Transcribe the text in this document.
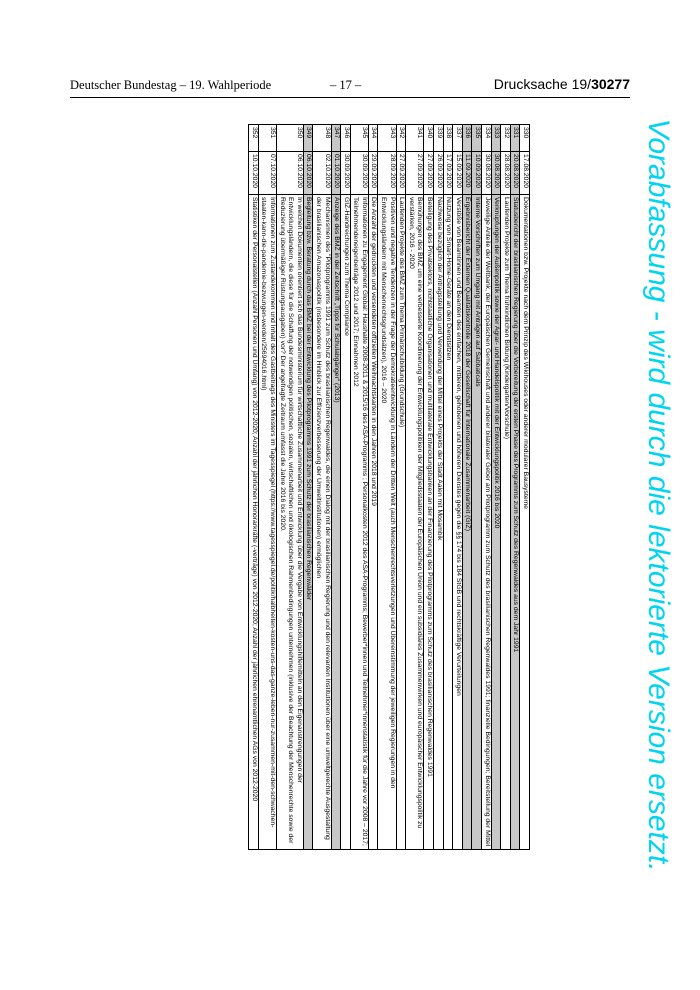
Deutscher Bundestag – 19. Wahlperiode	– 17 –	Drucksache 19/30277
330	17.08.2020	Dokumentationen bzw. Projekte nach dem Prinzip des Wikihouses oder anderer modularer Bausysteme
331	20.08.2020	Statusbericht der brasilianischen Regierung über die Vorbereitung der ersten Phase des Programms zum Schutz des Regenwaldes aus dem Jahr 1991
332	28.08.2020	Laufenden Projekte zum Thema frühkindlichen Bildung (Kindergarten/Vorschule)
333	30.08.2020	Verknüpfungen der Außenpolitik sowie der Agrar- und Handelspolitik mit der Entwicklungspolitik 2016 bis 2020
334	30.08.2020	Jeweilige Anteile der Weltbank, der Europäischen Gemeinschaft und anderer bilateraler Geber am Pilotprogramm zum Schutz des brasilianischen Regenwaldes 1991; finanzielle Bedingungen; Bereitstellung der Mittel
335	10.09.2020	Interne Vorschriften zum Umgang mit Anträgen auf Sabbaticals
336	11.09.2020	Ergebnisbericht der Externen Qualitätskontrolle 2018 der Gesellschaft für Internationale Zusammenarbeit (GIZ)
337	15.09.2020	Verstöße von Beamtinnen und Beamten des einfachen, mittleren, gehobenen und höheren Dienstes gegen die §§ 174 bis 184 StGB und rechtskräftige Verurteilungen
338	17.09.2020	Nutzung von Smart-Home-Geräte an den Dienstsitzen
339	26.09.2020	Nachweise bezüglich der Antragsstellung und Verwendung der Mittel eines Projekts der Stadt Aalen mit Mosambik
340	27.09.2020	Beteiligung des Privatsektors, nichtstaatliche Organisationen und multilaterale Entwicklungsbanken an der Finanzierung des Pilotprogramms zum Schutz des brasilianischen Regenwaldes 1991
341	27.09.2020	Bemühungen des BMZ um eine verbesserte Koordinierung der Entwicklungspolitiken der Mitgliedsstaaten der Europäischen Union und ein subsidiäres Zusammenwirken und europäischer Entwicklungspolitik zu verstärken, 2016 - 2020
342	27.09.2020	Laufenden Projekte des BMZ zum Thema Primärschulbildung (Grundschule)
343	28.09.2020	Positiven und negative Tendenzen in der Frage der Demokratieentwicklung in Ländern der Dritten Welt (auch Menschenrechtsverletzungen und Übereinstimmung der jeweiligen Regierungen in den Entwicklungsländern mit Menschenrechtsgrundsätzen), 2016 – 2020
344	29.09.2020	Die Anzahl der gedruckten und versendeten offiziellen Weihnachtskarten in den Jahren 2018 und 2019
345	30.09.2020	Informationen zu Engagement Global: Haushalte 2008-2011 & 2015/16 des ASA-Programms ; Personalkosten 2012 des ASA-Programms; Bewerber*innen und Teilnehmer*innenstatistik für die Jahre vor 2008 – 2017; Teilnehmendeneigenbeiträge 2012 und 2017; Einnahmen 2012
346	30.09.2020	GIZ-Handreichungen zum Thema Compliance
347	01.10.2020	Anzeige des BMZ in der Zeitschrift „Tipps für Schulabgänger“ (2013)
348	02.10.2020	Mechanismen des "Pilotprogramms 1991 zum Schutz des brasilianischen Regenwaldes, die einen Dialog mit der brasilianischen Regierung und den relevanten Institutionen über eine umweltgerechte Ausgestaltung der brasilianischen Amazonaspolitik (insbesondere im Hinblick zur Effizienzverbesserung der Umweltinstitutionen) ermöglichen
349	06.10.2020	Begleitung bzw. Beratung durch das BMZ bei der Entwicklung des Pilotprogramms 1991 zum Schutz der brasilianischen Regenwälder
350	06.10.2020	In welchen Dokumenten orientiert sich das Bundesministerium für wirtschaftliche Zusammenarbeit und Entwicklung über die Vergabe von Entwicklungshilfemitteln an den Eigenanstrengungen der Entwicklungsländern, die diese für die Schaffung der notwendigen politischen, sozialen, wirtschaftlichen und ökologischen Rahmenbedingungen unternehmen (inklusive der Beachtung der Menschenrechte sowie der Reduzierung übermäßiger Rüstungsausgaben) vor? Der angefragte Zeitraum umfasst die Jahre 2016 bis 2020.
351	07.10.2020	Informationen zum Zustandekommen und Inhalt des Gastbeitrags des Ministers im Tagesspiegel (https://www.tagesspiegel.de/politik/halbheiten-kosten-uns-das-ganze-leben-nur-zusammen-mit-den-schwachen-staaten-kann-die-pandemie-bezwungen-werden/25694016.html)
352	10.10.2020	Statistiken der Personalstellen (Anzahl Personen und Umfang) von 2012-2020; Anzahl der jährlichen Honorarkräfte (-verträge) von 2012-2020; Anzahl der jährlichen ehrenamtlichen AGs von 2012-2020	Vorabfassung - wird durch die lektorierte Version ersetzt.
